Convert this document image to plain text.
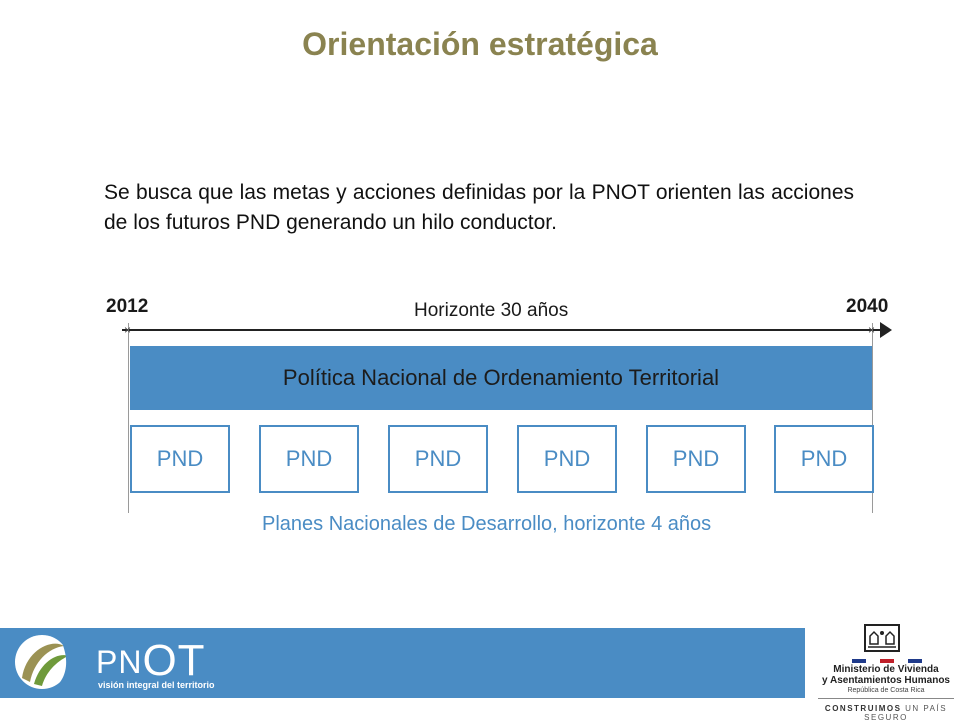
Orientación estratégica
Se busca que las metas y acciones definidas por la PNOT orienten las acciones de los futuros PND generando un hilo conductor.
2012	Horizonte 30 años	2040
×	×
Política Nacional de Ordenamiento Territorial
PND	PND	PND	PND	PND	PND
Planes Nacionales de Desarrollo, horizonte 4 años
PNOT
visión integral del territorio
Ministerio de Vivienda
y Asentamientos Humanos
República de Costa Rica
CONSTRUIMOS UN PAÍS SEGURO
